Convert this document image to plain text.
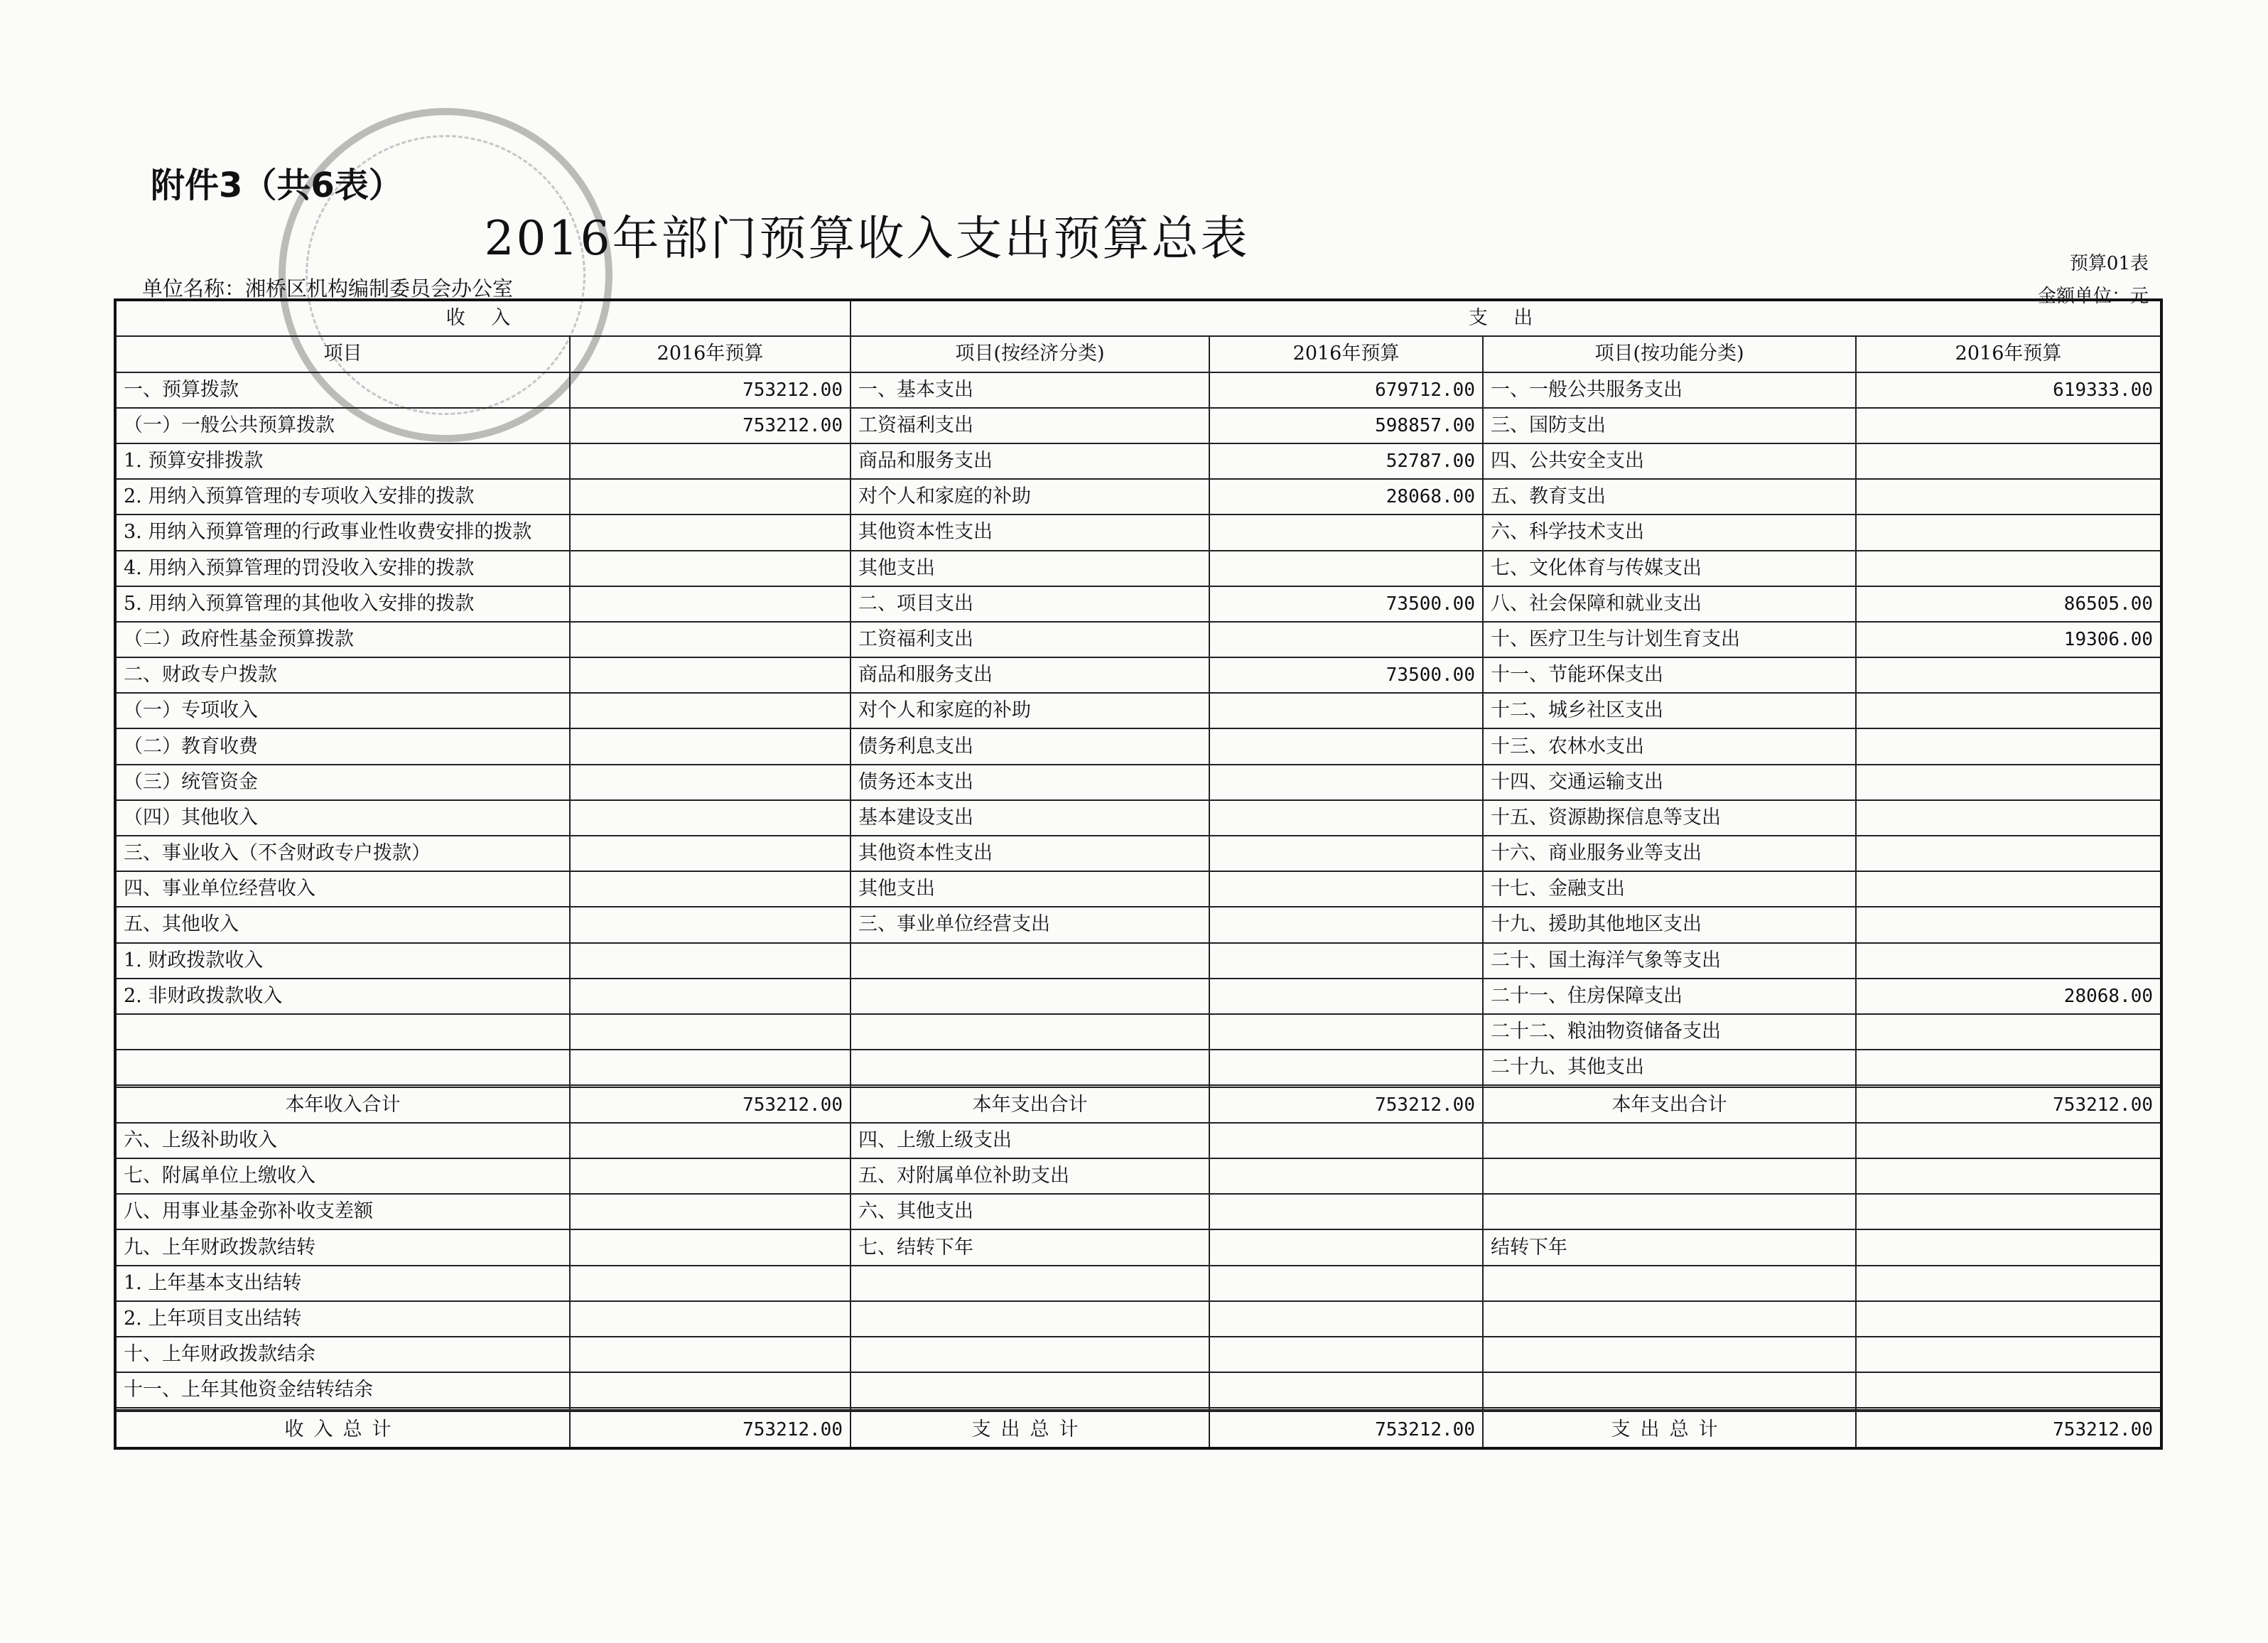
附件3（共6表）
2016年部门预算收入支出预算总表	预算01表
金额单位：元
单位名称：湘桥区机构编制委员会办公室
收 入		支 出			
项目	2016年预算	项目(按经济分类)	2016年预算	项目(按功能分类)	2016年预算
一、预算拨款	753212.00	一、基本支出	679712.00	一、一般公共服务支出	619333.00
（一）一般公共预算拨款	753212.00	工资福利支出	598857.00	三、国防支出	
1. 预算安排拨款		商品和服务支出	52787.00	四、公共安全支出	
2. 用纳入预算管理的专项收入安排的拨款		对个人和家庭的补助	28068.00	五、教育支出	
3. 用纳入预算管理的行政事业性收费安排的拨款		其他资本性支出		六、科学技术支出	
4. 用纳入预算管理的罚没收入安排的拨款		其他支出		七、文化体育与传媒支出	
5. 用纳入预算管理的其他收入安排的拨款		二、项目支出	73500.00	八、社会保障和就业支出	86505.00
（二）政府性基金预算拨款		工资福利支出		十、医疗卫生与计划生育支出	19306.00
二、财政专户拨款		商品和服务支出	73500.00	十一、节能环保支出	
（一）专项收入		对个人和家庭的补助		十二、城乡社区支出	
（二）教育收费		债务利息支出		十三、农林水支出	
（三）统管资金		债务还本支出		十四、交通运输支出	
（四）其他收入		基本建设支出		十五、资源勘探信息等支出	
三、事业收入（不含财政专户拨款）		其他资本性支出		十六、商业服务业等支出	
四、事业单位经营收入		其他支出		十七、金融支出	
五、其他收入		三、事业单位经营支出		十九、援助其他地区支出	
1. 财政拨款收入				二十、国土海洋气象等支出	
2. 非财政拨款收入				二十一、住房保障支出	28068.00
				二十二、粮油物资储备支出	
				二十九、其他支出	

本年收入合计	753212.00	本年支出合计	753212.00	本年支出合计	753212.00
六、上级补助收入		四、上缴上级支出			
七、附属单位上缴收入		五、对附属单位补助支出			
八、用事业基金弥补收支差额		六、其他支出			
九、上年财政拨款结转		七、结转下年		结转下年	
1. 上年基本支出结转					
2. 上年项目支出结转					
十、上年财政拨款结余					
十一、上年其他资金结转结余					

收入总计	753212.00	支出总计	753212.00	支出总计	753212.00
